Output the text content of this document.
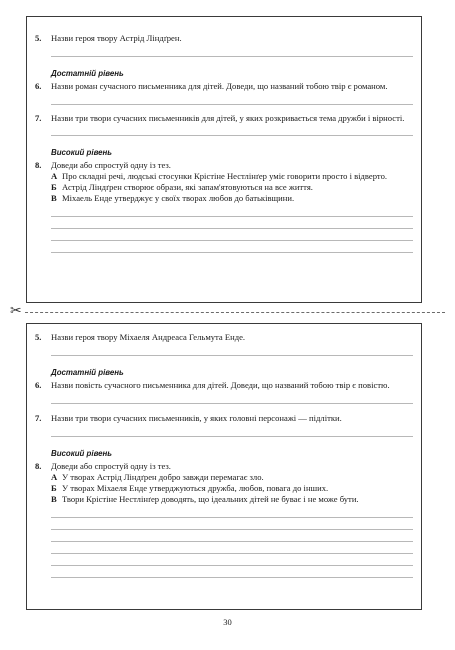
5. Назви героя твору Астрід Ліндґрен.
Достатній рівень
6. Назви роман сучасного письменника для дітей. Доведи, що названий тобою твір є романом.
7. Назви три твори сучасних письменників для дітей, у яких розкривається тема дружби і вірності.
Високий рівень
8. Доведи або спростуй одну із тез.
А Про складні речі, людські стосунки Крістіне Нестлінґер уміє говорити просто і відверто.
Б Астрід Ліндґрен створює образи, які запам'ятовуються на все життя.
В Міхаель Енде утверджує у своїх творах любов до батьківщини.
✂
5. Назви героя твору Міхаеля Андреаса Гельмута Енде.
Достатній рівень
6. Назви повість сучасного письменника для дітей. Доведи, що названий тобою твір є повістю.
7. Назви три твори сучасних письменників, у яких головні персонажі — підлітки.
Високий рівень
8. Доведи або спростуй одну із тез.
А У творах Астрід Ліндґрен добро завжди перемагає зло.
Б У творах Міхаеля Енде утверджуються дружба, любов, повага до інших.
В Твори Крістіне Нестлінґер доводять, що ідеальних дітей не буває і не може бути.
30
